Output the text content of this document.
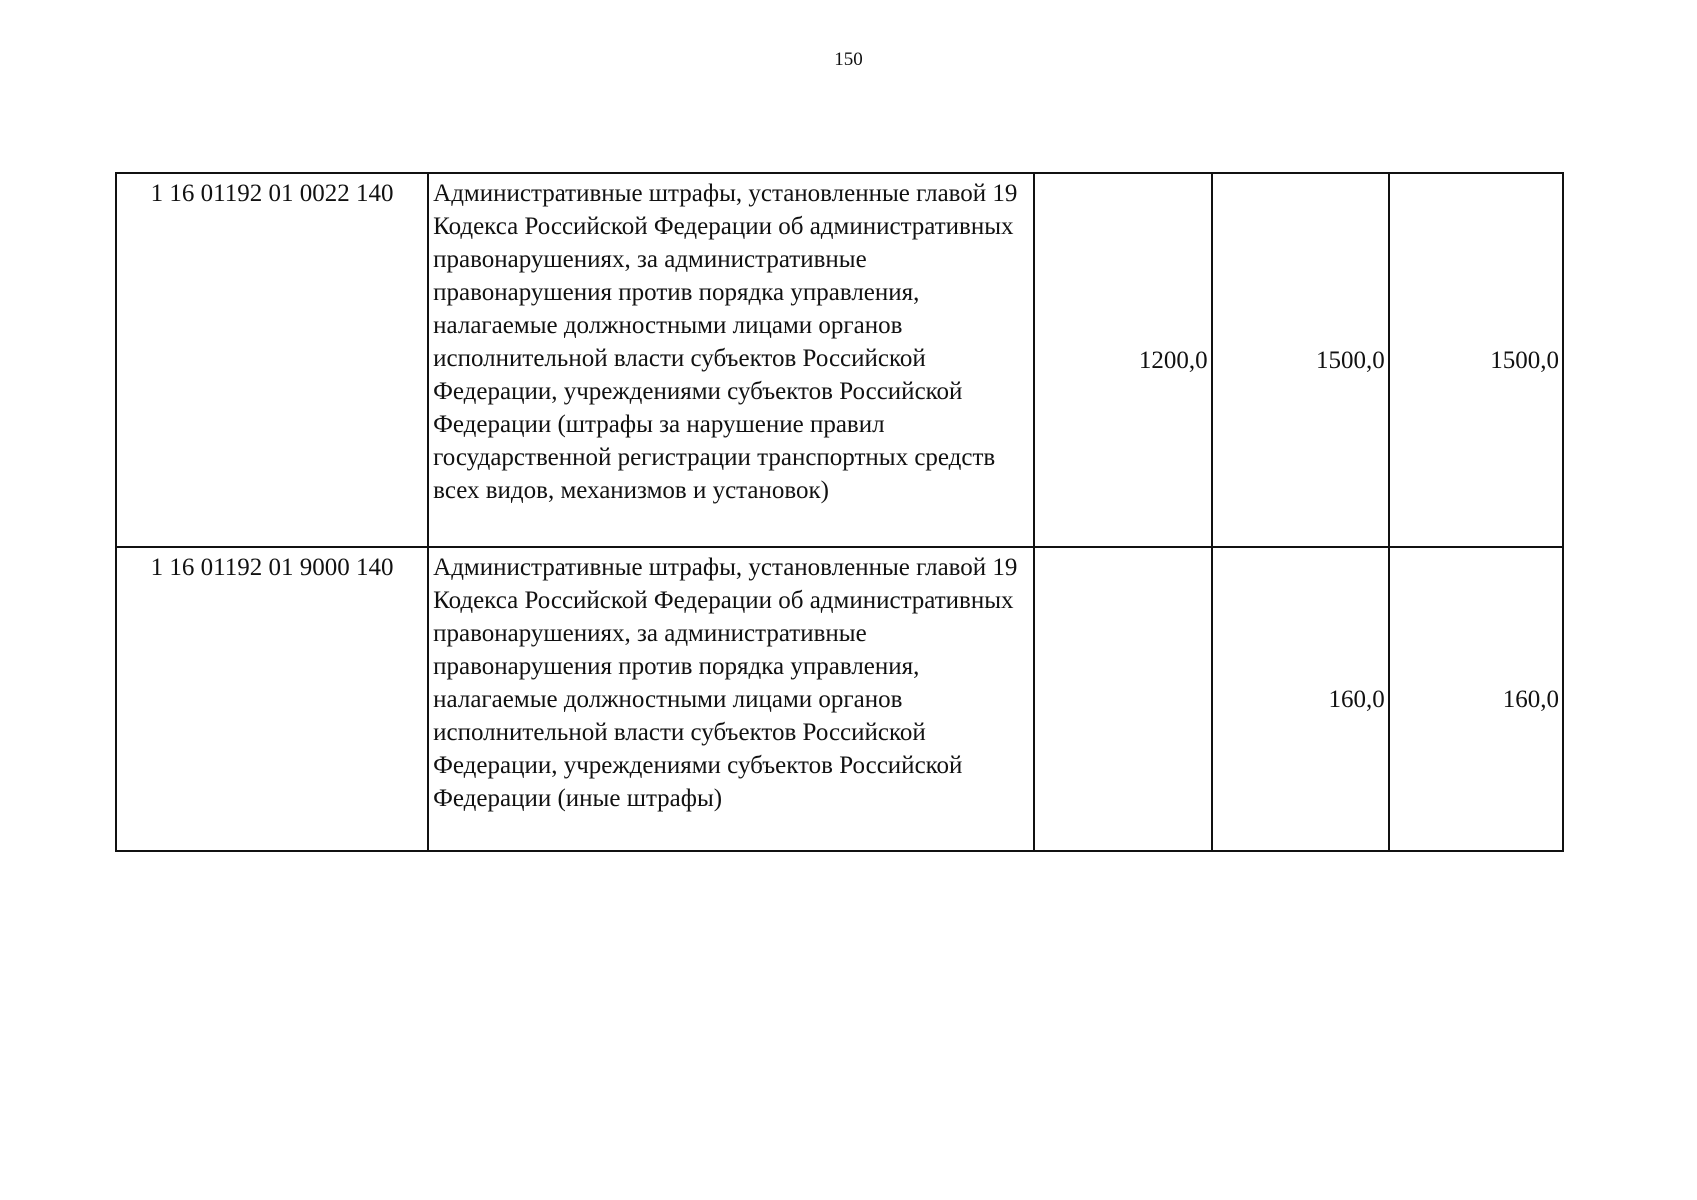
150
1 16 01192 01 0022 140	Административные штрафы, установленные главой 19 Кодекса Российской Федерации об административных правонарушениях, за административные правонарушения против порядка управления, налагаемые должностными лицами органов исполнительной власти субъектов Российской Федерации, учреждениями субъектов Российской Федерации (штрафы за нарушение правил государственной регистрации транспортных средств всех видов, механизмов и установок)	1200,0	1500,0	1500,0
1 16 01192 01 9000 140	Административные штрафы, установленные главой 19 Кодекса Российской Федерации об административных правонарушениях, за административные правонарушения против порядка управления, налагаемые должностными лицами органов исполнительной власти субъектов Российской Федерации, учреждениями субъектов Российской Федерации (иные штрафы)		160,0	160,0
